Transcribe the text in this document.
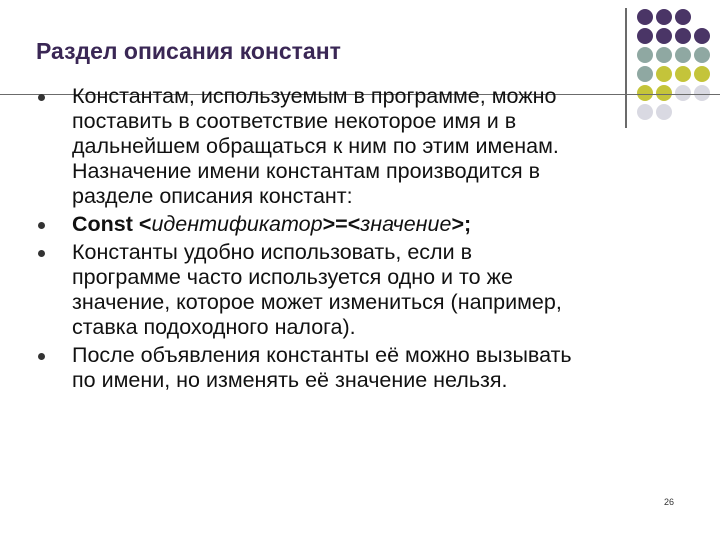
Раздел описания констант
Константам, используемым в программе, можно
поставить в соответствие некоторое имя и в
дальнейшем обращаться к ним по этим именам.
Назначение имени константам производится в
разделе описания констант:
Const <идентификатор>=<значение>;
Константы удобно использовать, если в
программе часто используется одно и то же
значение, которое может измениться (например,
ставка подоходного налога).
После объявления константы её можно вызывать
по имени, но изменять её значение нельзя.
26
